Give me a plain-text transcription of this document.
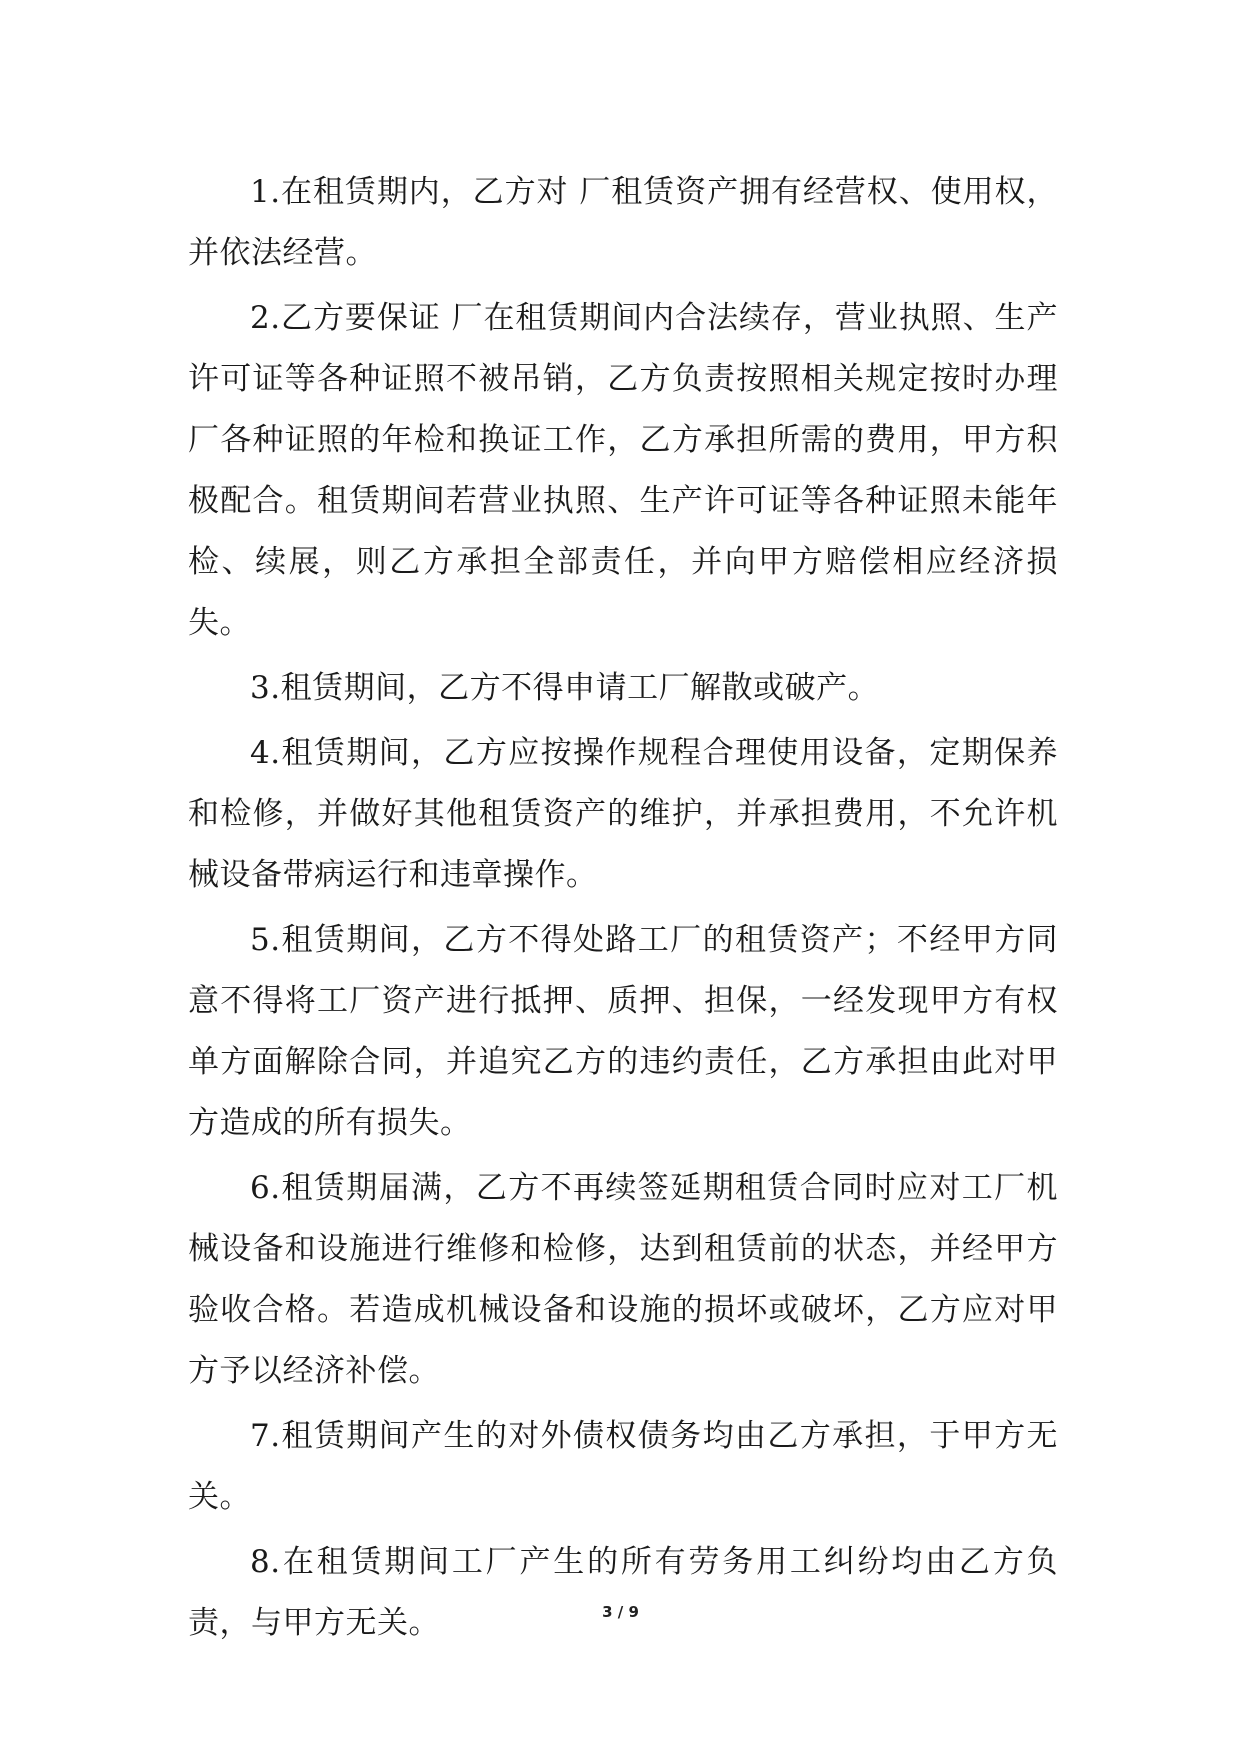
1.在租赁期内，乙方对 厂租赁资产拥有经营权、使用权，并依法经营。

2.乙方要保证 厂在租赁期间内合法续存，营业执照、生产许可证等各种证照不被吊销，乙方负责按照相关规定按时办理厂各种证照的年检和换证工作，乙方承担所需的费用，甲方积极配合。租赁期间若营业执照、生产许可证等各种证照未能年检、续展，则乙方承担全部责任，并向甲方赔偿相应经济损失。

3.租赁期间，乙方不得申请工厂解散或破产。

4.租赁期间，乙方应按操作规程合理使用设备，定期保养和检修，并做好其他租赁资产的维护，并承担费用，不允许机械设备带病运行和违章操作。

5.租赁期间，乙方不得处路工厂的租赁资产；不经甲方同意不得将工厂资产进行抵押、质押、担保，一经发现甲方有权单方面解除合同，并追究乙方的违约责任，乙方承担由此对甲方造成的所有损失。

6.租赁期届满，乙方不再续签延期租赁合同时应对工厂机械设备和设施进行维修和检修，达到租赁前的状态，并经甲方验收合格。若造成机械设备和设施的损坏或破坏，乙方应对甲方予以经济补偿。

7.租赁期间产生的对外债权债务均由乙方承担，于甲方无关。

8.在租赁期间工厂产生的所有劳务用工纠纷均由乙方负责，与甲方无关。	3 / 9
